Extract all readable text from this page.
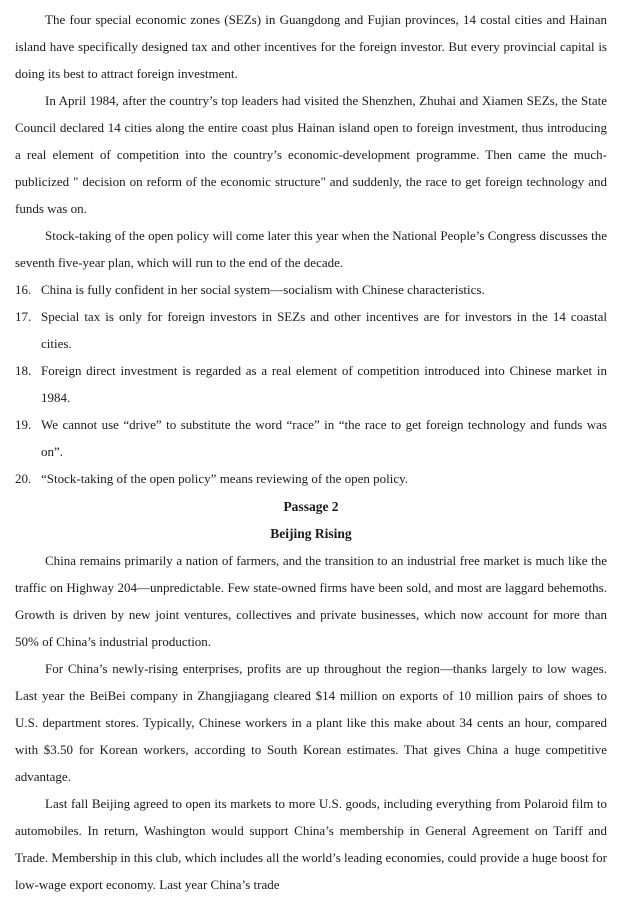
The four special economic zones (SEZs) in Guangdong and Fujian provinces, 14 costal cities and Hainan island have specifically designed tax and other incentives for the foreign investor. But every provincial capital is doing its best to attract foreign investment.

In April 1984, after the country’s top leaders had visited the Shenzhen, Zhuhai and Xiamen SEZs, the State Council declared 14 cities along the entire coast plus Hainan island open to foreign investment, thus introducing a real element of competition into the country’s economic-development programme. Then came the much-publicized " decision on reform of the economic structure" and suddenly, the race to get foreign technology and funds was on.

Stock-taking of the open policy will come later this year when the National People’s Congress discusses the seventh five-year plan, which will run to the end of the decade.

16. China is fully confident in her social system—socialism with Chinese characteristics.
17. Special tax is only for foreign investors in SEZs and other incentives are for investors in the 14 coastal cities.
18. Foreign direct investment is regarded as a real element of competition introduced into Chinese market in 1984.
19. We cannot use “drive” to substitute the word “race” in “the race to get foreign technology and funds was on”.
20. “Stock-taking of the open policy” means reviewing of the open policy.

Passage 2

Beijing Rising

China remains primarily a nation of farmers, and the transition to an industrial free market is much like the traffic on Highway 204—unpredictable. Few state-owned firms have been sold, and most are laggard behemoths. Growth is driven by new joint ventures, collectives and private businesses, which now account for more than 50% of China’s industrial production.

For China’s newly-rising enterprises, profits are up throughout the region—thanks largely to low wages. Last year the BeiBei company in Zhangjiagang cleared $14 million on exports of 10 million pairs of shoes to U.S. department stores. Typically, Chinese workers in a plant like this make about 34 cents an hour, compared with $3.50 for Korean workers, according to South Korean estimates. That gives China a huge competitive advantage.

Last fall Beijing agreed to open its markets to more U.S. goods, including everything from Polaroid film to automobiles. In return, Washington would support China’s membership in General Agreement on Tariff and Trade. Membership in this club, which includes all the world’s leading economies, could provide a huge boost for low-wage export economy. Last year China’s trade
